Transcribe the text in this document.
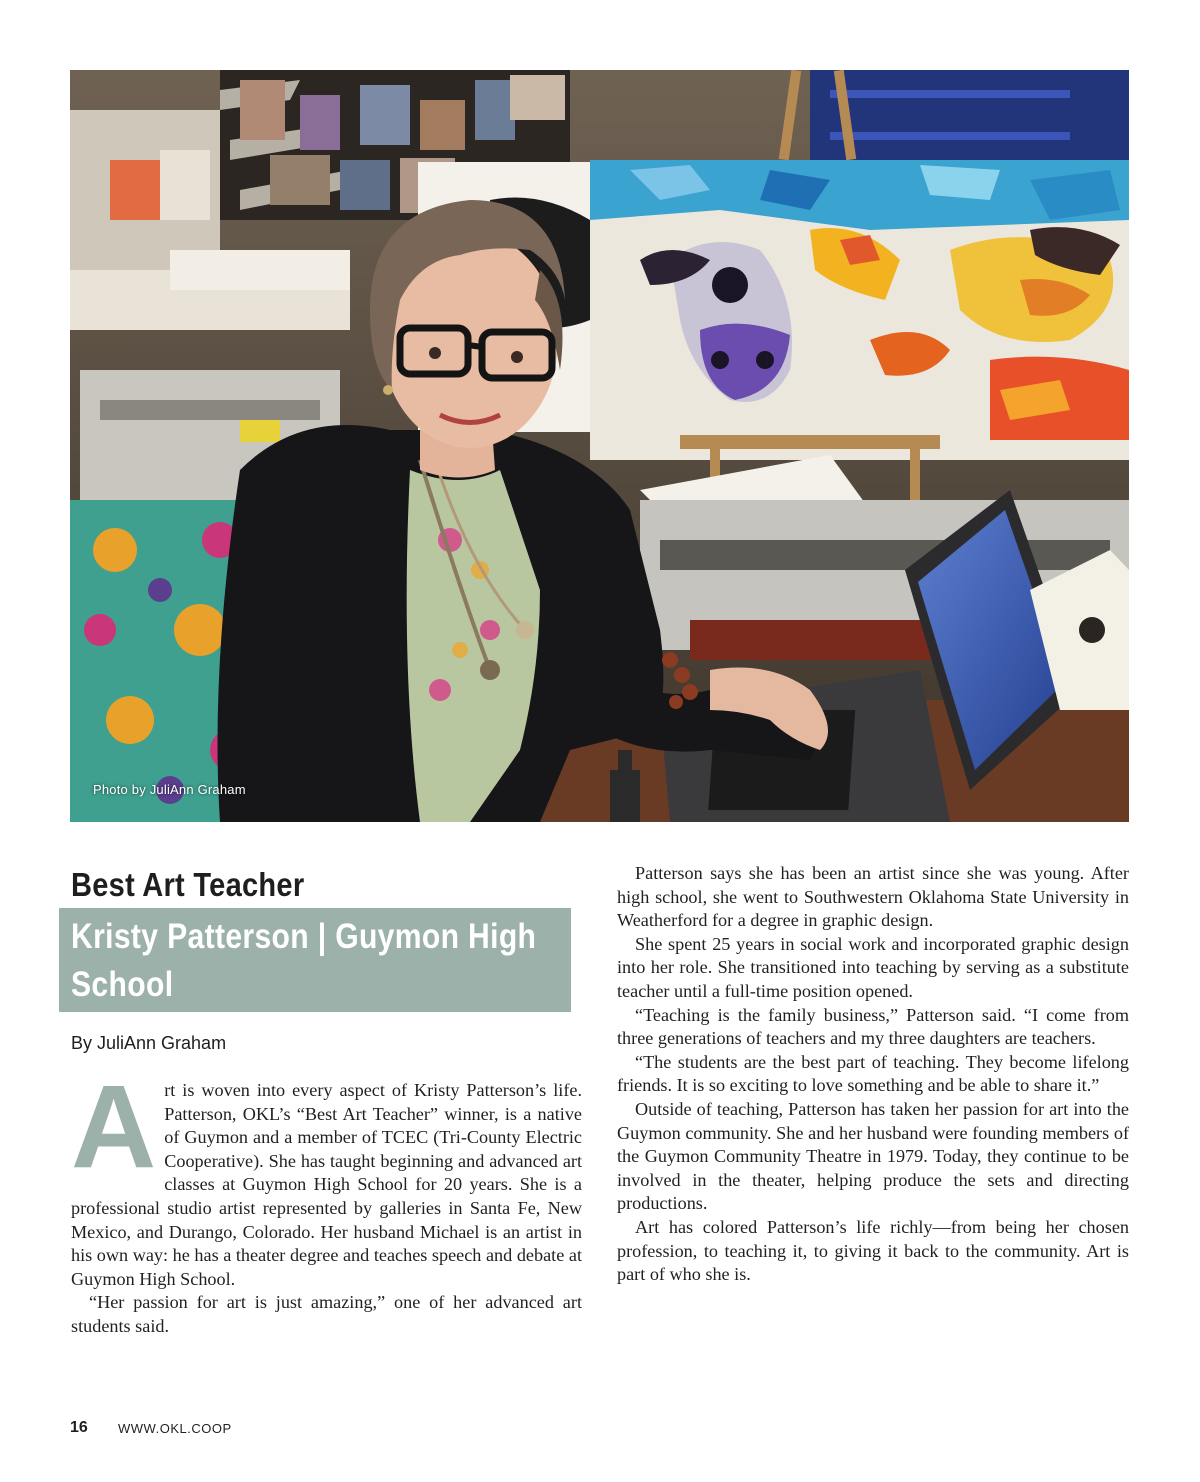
Photo by JuliAnn Graham
Best Art Teacher
Kristy Patterson | Guymon High School
By JuliAnn Graham

Art is woven into every aspect of Kristy Patterson’s life. Patterson, OKL’s “Best Art Teacher” winner, is a native of Guymon and a member of TCEC (Tri-County Electric Cooperative). She has taught beginning and advanced art classes at Guymon High School for 20 years. She is a professional studio artist represented by galleries in Santa Fe, New Mexico, and Durango, Colorado. Her husband Michael is an artist in his own way: he has a theater degree and teaches speech and debate at Guymon High School.

“Her passion for art is just amazing,” one of her advanced art students said.

Patterson says she has been an artist since she was young. After high school, she went to Southwestern Oklahoma State University in Weatherford for a degree in graphic design.

She spent 25 years in social work and incorporated graphic design into her role. She transitioned into teaching by serving as a substitute teacher until a full-time position opened.

“Teaching is the family business,” Patterson said. “I come from three generations of teachers and my three daughters are teachers.

“The students are the best part of teaching. They become lifelong friends. It is so exciting to love something and be able to share it.”

Outside of teaching, Patterson has taken her passion for art into the Guymon community. She and her husband were founding members of the Guymon Community Theatre in 1979. Today, they continue to be involved in the theater, helping produce the sets and directing productions.

Art has colored Patterson’s life richly—from being her chosen profession, to teaching it, to giving it back to the community. Art is part of who she is.

16 WWW.OKL.COOP
